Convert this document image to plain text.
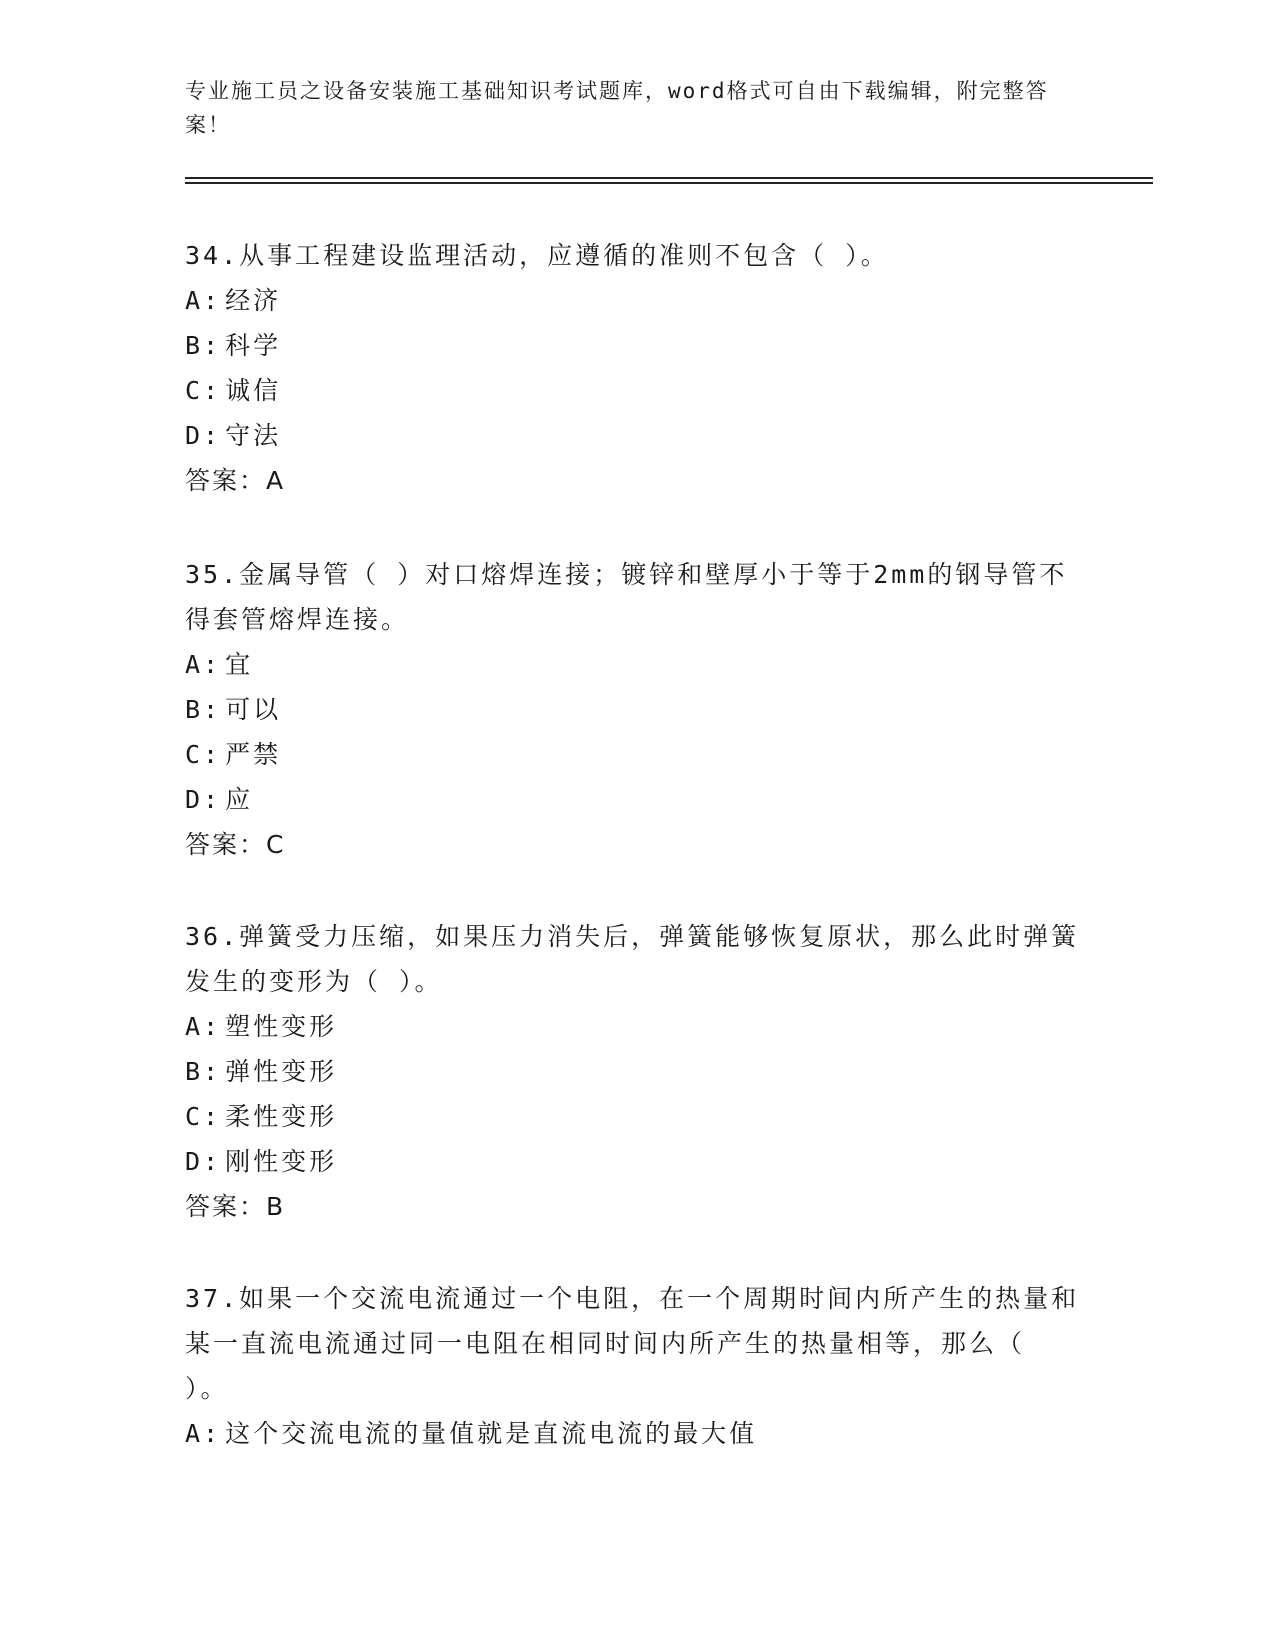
专业施工员之设备安装施工基础知识考试题库，word格式可自由下载编辑，附完整答案！

34.从事工程建设监理活动，应遵循的准则不包含（ ）。

A: 经济
B: 科学
C: 诚信
D: 守法
答案：A

35.金属导管（ ）对口熔焊连接；镀锌和壁厚小于等于2mm的钢导管不得套管熔焊连接。

A: 宜
B: 可以
C: 严禁
D: 应
答案：C

36.弹簧受力压缩，如果压力消失后，弹簧能够恢复原状，那么此时弹簧发生的变形为（ ）。

A: 塑性变形
B: 弹性变形
C: 柔性变形
D: 刚性变形
答案：B

37.如果一个交流电流通过一个电阻，在一个周期时间内所产生的热量和某一直流电流通过同一电阻在相同时间内所产生的热量相等，那么（ ）。

A: 这个交流电流的量值就是直流电流的最大值
